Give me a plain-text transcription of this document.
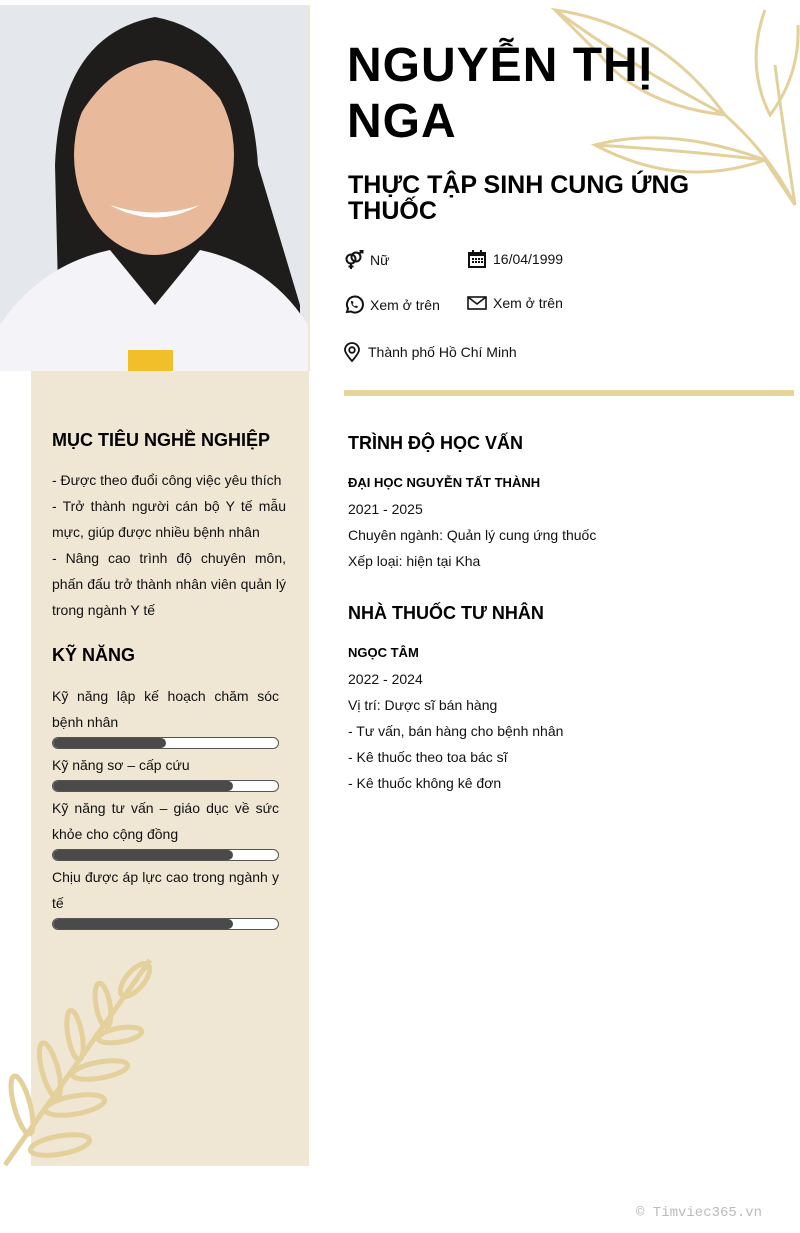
NGUYỄN THỊ NGA
THỰC TẬP SINH CUNG ỨNG THUỐC
Nữ	16/04/1999
Xem ở trên	Xem ở trên
Thành phố Hồ Chí Minh
MỤC TIÊU NGHỀ NGHIỆP
- Được theo đuổi công việc yêu thích
- Trở thành người cán bộ Y tế mẫu mực, giúp được nhiều bệnh nhân
- Nâng cao trình độ chuyên môn, phấn đấu trở thành nhân viên quản lý trong ngành Y tế
KỸ NĂNG
Kỹ năng lập kế hoạch chăm sóc bệnh nhân
Kỹ năng sơ – cấp cứu
Kỹ năng tư vấn – giáo dục về sức khỏe cho cộng đồng
Chịu được áp lực cao trong ngành y tế
TRÌNH ĐỘ HỌC VẤN
ĐẠI HỌC NGUYỄN TẤT THÀNH
2021 - 2025
Chuyên ngành: Quản lý cung ứng thuốc
Xếp loại: hiện tại Kha
NHÀ THUỐC TƯ NHÂN
NGỌC TÂM
2022 - 2024
Vị trí: Dược sĩ bán hàng
- Tư vấn, bán hàng cho bệnh nhân
- Kê thuốc theo toa bác sĩ
- Kê thuốc không kê đơn
© Timviec365.vn
